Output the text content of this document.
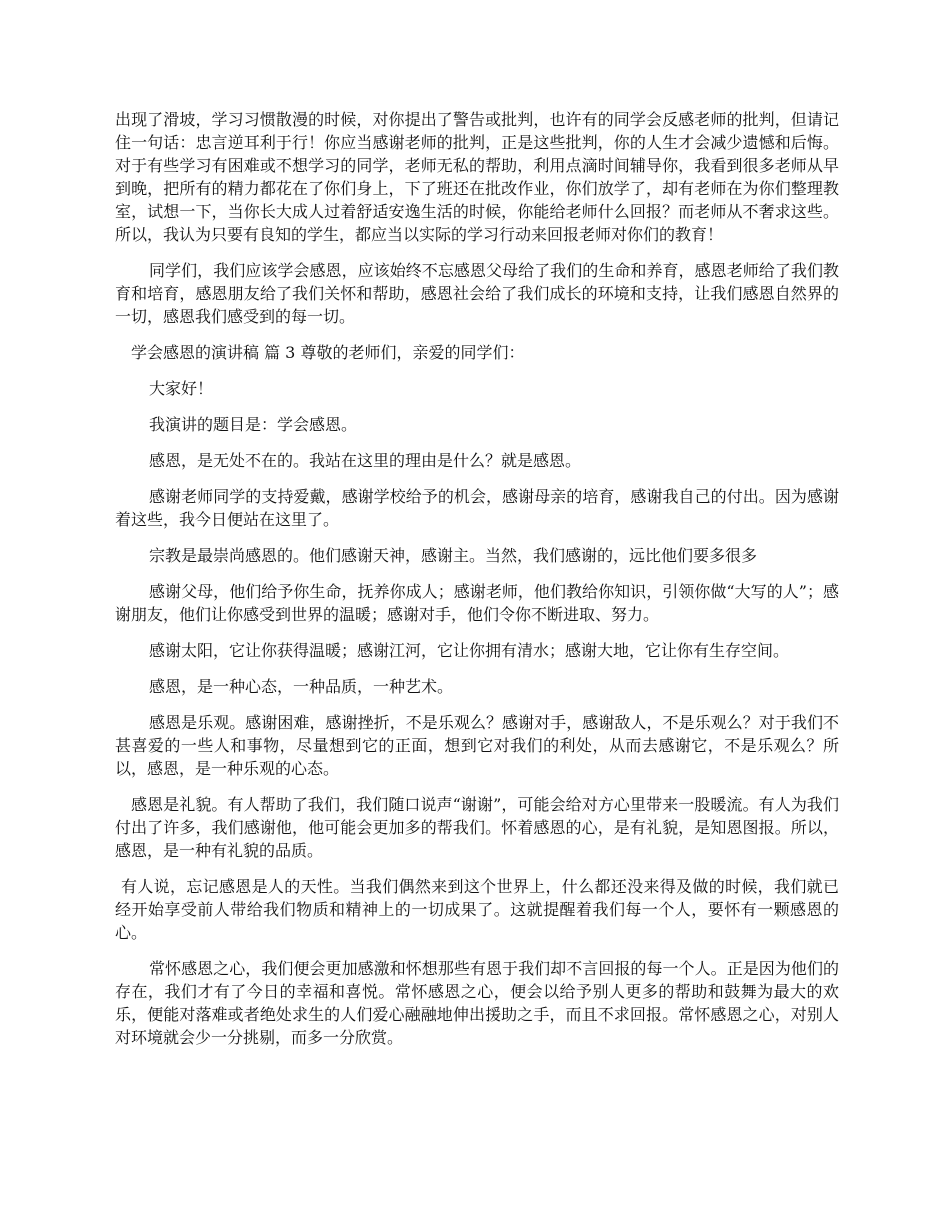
出现了滑坡，学习习惯散漫的时候，对你提出了警告或批判，也许有的同学会反感老师的批判，但请记住一句话：忠言逆耳利于行！你应当感谢老师的批判，正是这些批判，你的人生才会减少遗憾和后悔。对于有些学习有困难或不想学习的同学，老师无私的帮助，利用点滴时间辅导你，我看到很多老师从早到晚，把所有的精力都花在了你们身上，下了班还在批改作业，你们放学了，却有老师在为你们整理教室，试想一下，当你长大成人过着舒适安逸生活的时候，你能给老师什么回报？而老师从不奢求这些。所以，我认为只要有良知的学生，都应当以实际的学习行动来回报老师对你们的教育！

同学们，我们应该学会感恩，应该始终不忘感恩父母给了我们的生命和养育，感恩老师给了我们教育和培育，感恩朋友给了我们关怀和帮助，感恩社会给了我们成长的环境和支持，让我们感恩自然界的一切，感恩我们感受到的每一切。

学会感恩的演讲稿 篇 3 尊敬的老师们，亲爱的同学们：

大家好！

我演讲的题目是：学会感恩。

感恩，是无处不在的。我站在这里的理由是什么？就是感恩。

感谢老师同学的支持爱戴，感谢学校给予的机会，感谢母亲的培育，感谢我自己的付出。因为感谢着这些，我今日便站在这里了。

宗教是最崇尚感恩的。他们感谢天神，感谢主。当然，我们感谢的，远比他们要多很多

感谢父母，他们给予你生命，抚养你成人；感谢老师，他们教给你知识，引领你做“大写的人”；感谢朋友，他们让你感受到世界的温暖；感谢对手，他们令你不断进取、努力。

感谢太阳，它让你获得温暖；感谢江河，它让你拥有清水；感谢大地，它让你有生存空间。

感恩，是一种心态，一种品质，一种艺术。

感恩是乐观。感谢困难，感谢挫折，不是乐观么？感谢对手，感谢敌人，不是乐观么？对于我们不甚喜爱的一些人和事物，尽量想到它的正面，想到它对我们的利处，从而去感谢它，不是乐观么？所以，感恩，是一种乐观的心态。

感恩是礼貌。有人帮助了我们，我们随口说声“谢谢”，可能会给对方心里带来一股暖流。有人为我们付出了许多，我们感谢他，他可能会更加多的帮我们。怀着感恩的心，是有礼貌，是知恩图报。所以，感恩，是一种有礼貌的品质。

有人说，忘记感恩是人的天性。当我们偶然来到这个世界上，什么都还没来得及做的时候，我们就已经开始享受前人带给我们物质和精神上的一切成果了。这就提醒着我们每一个人，要怀有一颗感恩的心。

常怀感恩之心，我们便会更加感激和怀想那些有恩于我们却不言回报的每一个人。正是因为他们的存在，我们才有了今日的幸福和喜悦。常怀感恩之心，便会以给予别人更多的帮助和鼓舞为最大的欢乐，便能对落难或者绝处求生的人们爱心融融地伸出援助之手，而且不求回报。常怀感恩之心，对别人对环境就会少一分挑剔，而多一分欣赏。
